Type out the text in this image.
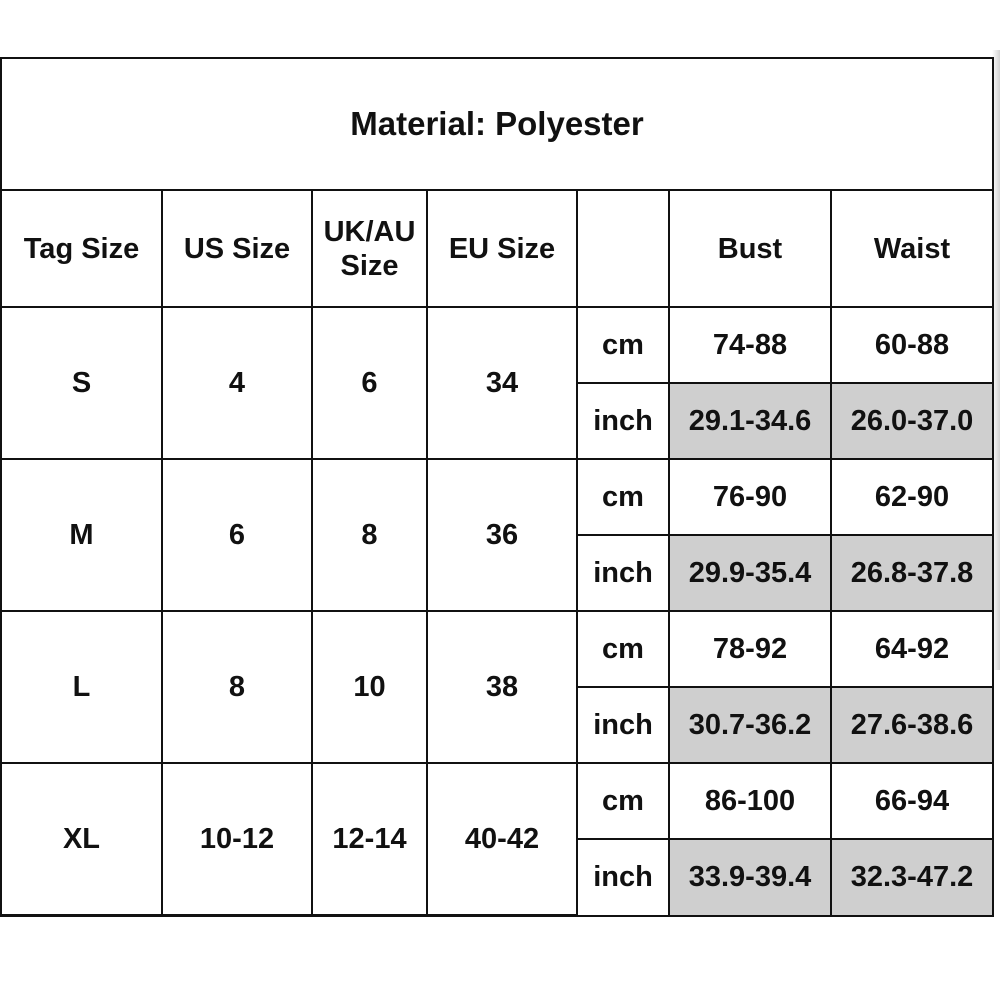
Material: Polyester
Tag Size	US Size	UK/AU Size	EU Size		Bust	Waist
S	4	6	34	cm	74-88	60-88
				inch	29.1-34.6	26.0-37.0
M	6	8	36	cm	76-90	62-90
				inch	29.9-35.4	26.8-37.8
L	8	10	38	cm	78-92	64-92
				inch	30.7-36.2	27.6-38.6
XL	10-12	12-14	40-42	cm	86-100	66-94
				inch	33.9-39.4	32.3-47.2
